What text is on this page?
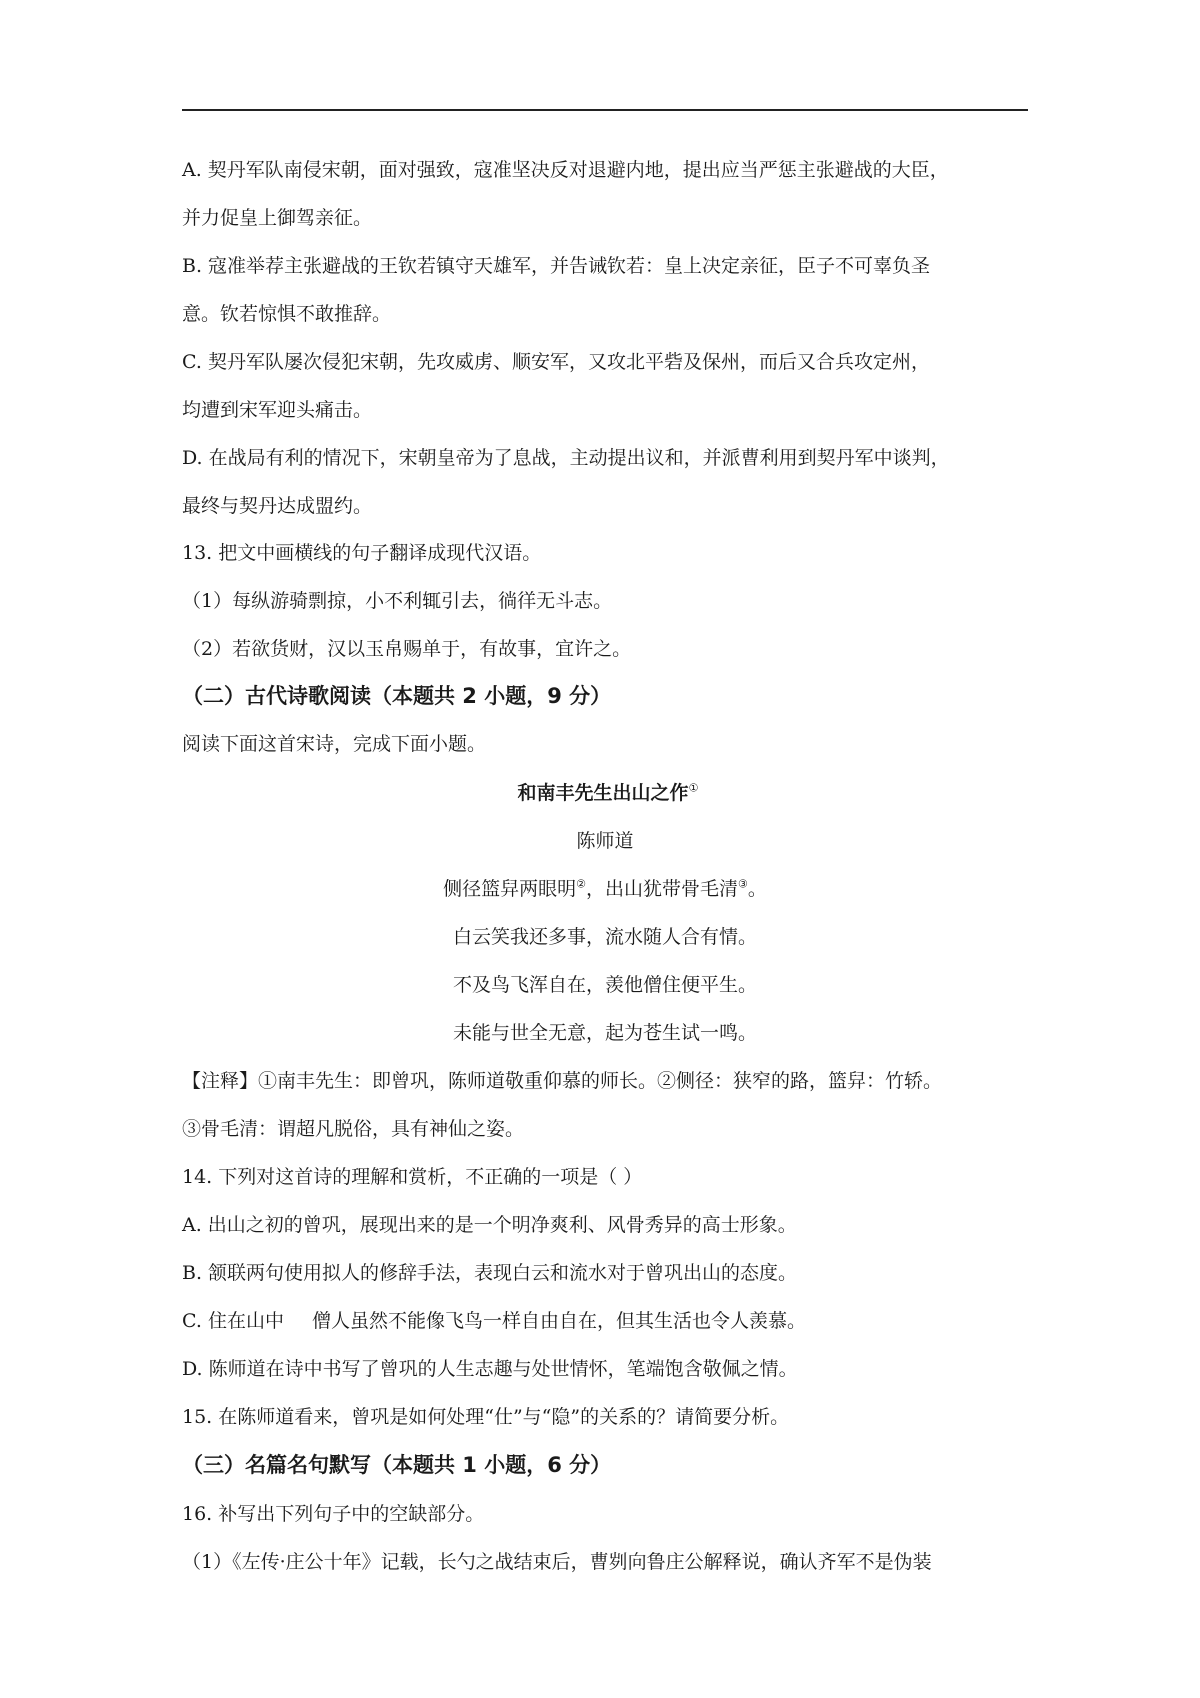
A. 契丹军队南侵宋朝，面对强致，寇准坚决反对退避内地，提出应当严惩主张避战的大臣，
并力促皇上御驾亲征。
B. 寇准举荐主张避战的王钦若镇守天雄军，并告诫钦若：皇上决定亲征，臣子不可辜负圣
意。钦若惊惧不敢推辞。
C. 契丹军队屡次侵犯宋朝，先攻威虏、顺安军，又攻北平砦及保州，而后又合兵攻定州，
均遭到宋军迎头痛击。
D. 在战局有利的情况下，宋朝皇帝为了息战，主动提出议和，并派曹利用到契丹军中谈判，
最终与契丹达成盟约。
13. 把文中画横线的句子翻译成现代汉语。
（1）每纵游骑剽掠，小不利辄引去，徜徉无斗志。
（2）若欲货财，汉以玉帛赐单于，有故事，宜许之。
（二）古代诗歌阅读（本题共 2 小题，9 分）
阅读下面这首宋诗，完成下面小题。
和南丰先生出山之作①
陈师道
侧径篮舁两眼明②，出山犹带骨毛清③。
白云笑我还多事，流水随人合有情。
不及鸟飞浑自在，羡他僧住便平生。
未能与世全无意，起为苍生试一鸣。
【注释】①南丰先生：即曾巩，陈师道敬重仰慕的师长。②侧径：狭窄的路，篮舁：竹轿。
③骨毛清：谓超凡脱俗，具有神仙之姿。
14. 下列对这首诗的理解和赏析，不正确的一项是（ ）
A. 出山之初的曾巩，展现出来的是一个明净爽利、风骨秀异的高士形象。
B. 颔联两句使用拟人的修辞手法，表现白云和流水对于曾巩出山的态度。
C. 住在山中 僧人虽然不能像飞鸟一样自由自在，但其生活也令人羡慕。
D. 陈师道在诗中书写了曾巩的人生志趣与处世情怀，笔端饱含敬佩之情。
15. 在陈师道看来，曾巩是如何处理“仕”与“隐”的关系的？请简要分析。
（三）名篇名句默写（本题共 1 小题，6 分）
16. 补写出下列句子中的空缺部分。
（1）《左传·庄公十年》记载，长勺之战结束后，曹刿向鲁庄公解释说，确认齐军不是伪装
